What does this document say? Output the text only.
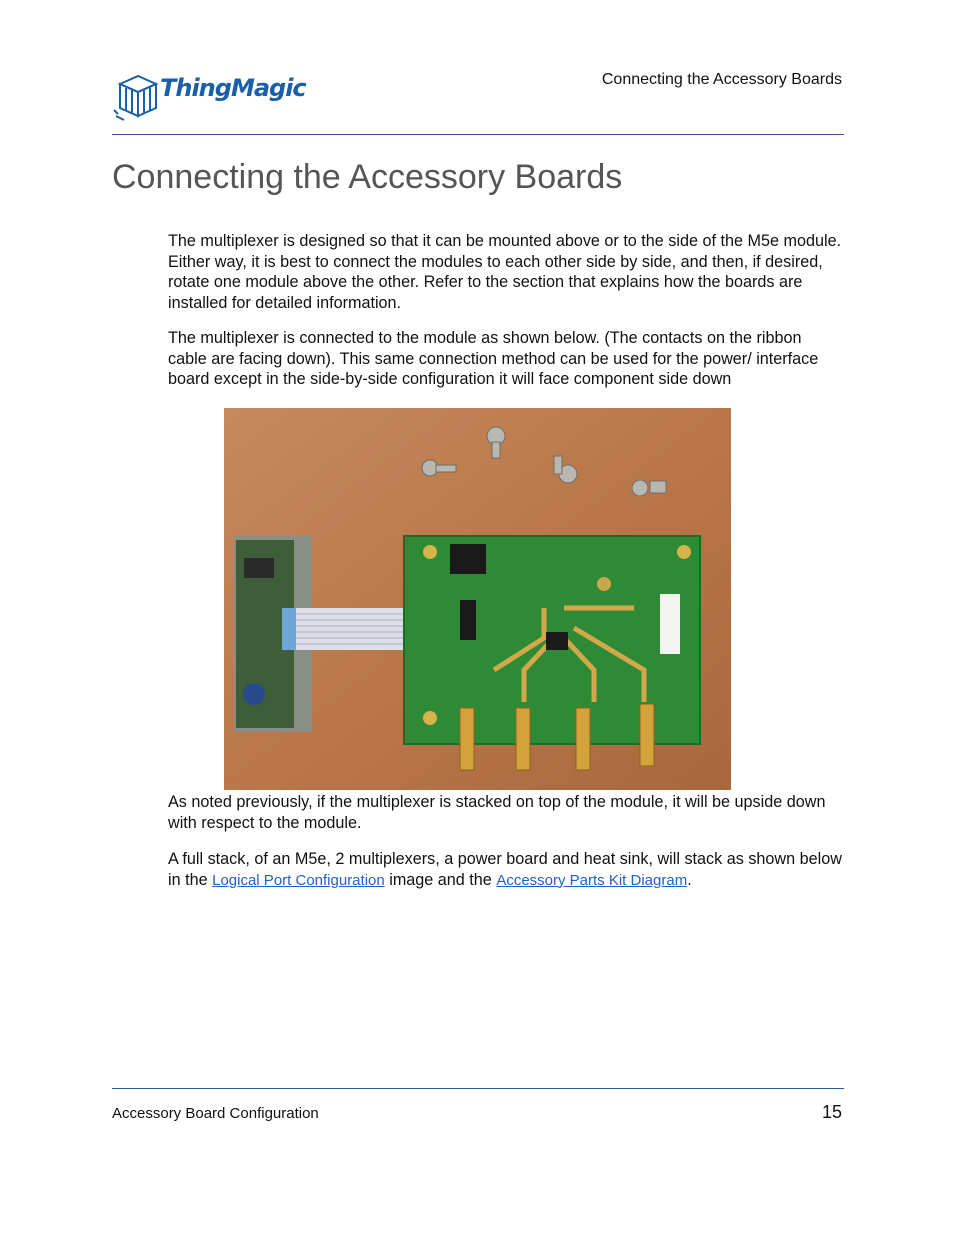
ThingMagic	Connecting the Accessory Boards
Connecting the Accessory Boards

The multiplexer is designed so that it can be mounted above or to the side of the M5e module. Either way, it is best to connect the modules to each other side by side, and then, if desired, rotate one module above the other. Refer to the section that explains how the boards are installed for detailed information.

The multiplexer is connected to the module as shown below. (The contacts on the ribbon cable are facing down). This same connection method can be used for the power/ interface board except in the side-by-side configuration it will face component side down

As noted previously, if the multiplexer is stacked on top of the module, it will be upside down with respect to the module.

A full stack, of an M5e, 2 multiplexers, a power board and heat sink, will stack as shown below in the Logical Port Configuration image and the Accessory Parts Kit Diagram.

Accessory Board Configuration	15
